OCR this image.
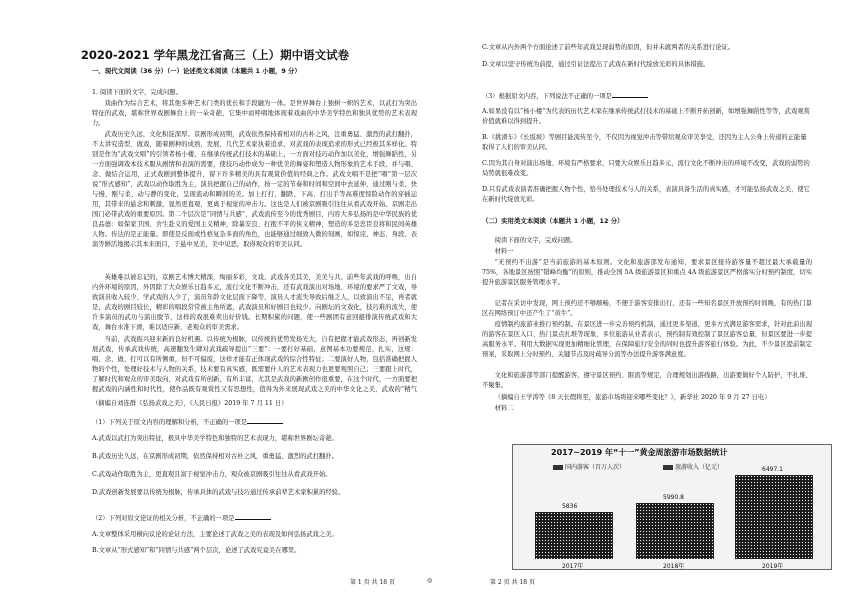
2020-2021 学年黑龙江省高三（上）期中语文试卷
一、现代文阅读（36 分）（一）论述类文本阅读（本题共 1 小题，9 分）

1. 阅读下面的文字，完成问题。

戏曲作为综合艺术，将其他多种艺术门类的优长和手段融为一体。是世界舞台上独树一帜的艺术，以武打为突出特征的武戏，堪称世界戏剧舞台上的一朵奇葩，它集中而呼唱地体现着戏曲的中华美学特色和独具优势的艺术表现力。

武戏历史久远，文化积淀深厚。京剧形成初期，武戏依然保持着相对的古朴之风，注重勇猛、激烈的武打翻扑，不太讲究造型、做戏，随着剧种的成熟，发展，几代艺术家执着追求，对武戏的表现追求的形式已经极其多样化。特别是作为“武戏文唱”的引领者杨小楼，在继承传统武打技术的基础上，一方面对技巧动作加以美化，增强舞蹈性，另一方面强调戏本技术服从剧情和表演的需要，使技巧动作成为一种优美的舞姿和塑造人物形象的艺术手段，并与唱、念、做结合运用，正式戏剧到整体提升，留下许多精美的具有观赏价值的经典之作。武戏文唱不是把“唱”第一层次说“形式感知”，武戏以动作取胜为主，演员把握自己的动作，按一定的节奏和时间和空间中去延伸，通过刚与柔、快与慢、刚与柔、动与静的变化，呈现流动和瞬间的美。加上打打、翻跌、下高、打出手等高难度惊险动作的穿插运用，其带来的悬念和刺激，显然更直观，更离于视觉的冲击力。这也是人们被京剧吸引往往从看武戏开始。京剧走出国门必带武戏的重要原因。第二个层次是“同情与共感”，武戏流传至今的优秀剧目，内容大多弘扬的是中华民族的优良品德：如保家卫国、舍生赴义的爱国主义精神，除暴安良、打抱不平的侠义精神，塑造的多是忠臣良将和民间英雄人物。传达的是正能量。即使是反面或性格复杂多面的角色，也能够通过细致入微的刻画，如惊诧、神态、身段、表演等鲜活地揭示其本来面目，于悬中见美，美中见恶，取得观众的审美认同。

英雄难以被忘记的，京剧艺术博大精深，绚丽多彩，文戏、武戏各美其美，美美与共。前些年武戏的呼唤，出自内外环境的原因，外因除了大众娱乐日趋多元，流行文化不断冲击，还有武戏演出对场地、环境的要求严了文戏，导致演员收入较少、学武戏的人少了，演员年龄文化层面下降等，演员人才流失导致后继乏人，以致演出不足，再者就是，武戏的剧目较长，精彩的唱段常常被主角所遮，武戏演员和好剧目也较少。向剧坛的文戏化，技巧难的流失，使许多演员的武功与演出脱节，这样的戏很难卖出好价钱。长期积累的问题，使一些剧团有意回避排演传统武戏和大戏，舞台水准下滑，难以适应新、老观众的审美需求。

当前，武戏振兴迎来新的良好机遇。以传统为根脉，以传统的优势发扬光大，自有把握才能武戏形态，再创新发展武戏，传承武戏传统，高速翻发生肆对武戏疏导提出“三要”：一要打好基础，意图基本功要规范、扎实，这规：唱、念、做、打可以有所侧重，但不可偏废，这样才能有正体现武戏的综合性特征；二要演好人物，包括准确把握人物的个性，处理好技术与人物的关系，技术要有真实感，既需要什人的艺术表现力也更要观照自己；三要跟上时代，了解时代和观众的审美取向，对武戏有所创新，有所丰富，尤其是武戏的新剧创作很重要，在这个时代，一方面要把握武戏的内涵性和时代性，使作品既有观赏性又有思想性，值得为外来展现武戏之美的中华文化之美，武戏的“精气

（摘编自刘连群《弘扬武戏之美》，《人民日报》2019 年 7 月 11 日）

（1）下列关于原文内容的理解和分析，不正确的一项是

A.武戏以武打为突出特征，极具中华美学特色和独特的艺术表现力，堪称世界剧坛奇葩。

B.武戏历史久远，在京剧形成初期，依然保持相对古朴之风，重勇猛、激烈的武打翻扑。

C.武戏动作取胜为主，更直观且富于视觉冲击力，观众被京剧吸引往往从看武戏开始。

D.武戏创新发展要以传统为根脉，传承具体的武戏与技巧通过传承前辈艺术家积累的经验。

（2）下列对原文论证的相关分析，不正确的一项是

A.文章整体采用横向议论的论证方法，主要论述了武戏之美的表现及如何弘扬武戏之美。

B.文章从“形式感知”和“同情与共感”两个层次，论述了武戏究竟美在哪里。

第 1 页 共 18 页	◎

C.文章从内外两个方面论述了前些年武戏呈现弱势的原因，但并未就两者的关系进行论证。

D.文章以坚守传统为前提，通过引证法提出了武戏在新时代绽放光彩的具体措施。

（3）根据原文内容，下列说法不正确的一项是

A.如果没有以“杨小楼”为代表的历代艺术家在继承传统武打技术的基础上不断开拓创新，如增强舞蹈性等等，武戏观赏价值就难以得到提升。

B.《挑滑车》《长坂坡》等剧目能流传至今，不仅因为视觉冲击等带给观众审美享受，还因为主人公身上传递的正能量取得了人们的审美认同。

C.因为其自身对演出场地、环境有严格要求，只要大众娱乐日趋多元，流行文化不断冲击的环境不改变，武戏的弱势的局势就很难改变。

D.只有武戏表演者准确把握人物个性，恰当处理技术与人的关系，表演具备生活的真实感，才可能弘扬武戏之美，使它在新时代绽放光彩。

（二）实用类文本阅读（本题共 1 小题，12 分）

阅读下面的文字，完成问题。

材料一

“无预约不出游”是当前旅游的基本原则。文化和旅游部发布通知，要求景区接待游客量不超过最大承载量的 75%，各地景区按照“错峰均衡”的原则，推动全国 5A 级旅游景区和重点 4A 级旅游景区严格落实分时预约制度，切实提升旅游景区服务管理水平。

记者在采访中发现，网上预约还不够顺畅，不便于游客安排出行，还有一些知名景区开放预约时间晚，有的热门景区在网络预订中还产生了“黄牛”。

疫情制约旅游业推行预约制。在景区进一步完善预约机制，通过更多渠道，更多方式满足游客需求，针对此前出现的游客在景区入口、热门景点扎堆等现象，多位旅游从业者表示，预约制有效控制了景区游客总量，但景区要进一步提高服务水平。利用大数据实现更加精细化管理，在保障旅行安全的同时也提升游客旅行体验。为此，不少景区提前制定预案，采取网上分时预约、关键节点及时疏导分流等办法提升游客满意度。

文化和旅游部等部门提醒游客，遵守景区预约、限流等规定，合理规划出游线路，出游要做好个人防护，不扎堆，不聚集。

（摘编自王学涛等《8 天长假将至，旅游市场将迎来哪些变化？》，新华社 2020 年 9 月 27 日电）

材料二

2017~2019 年“十一”黄金周旅游市场数据统计
国内游客（百万人次）	旅游收入（亿元）
5836
2017年
5990.8
2018年
6497.1
2019年
第 2 页 共 18 页
